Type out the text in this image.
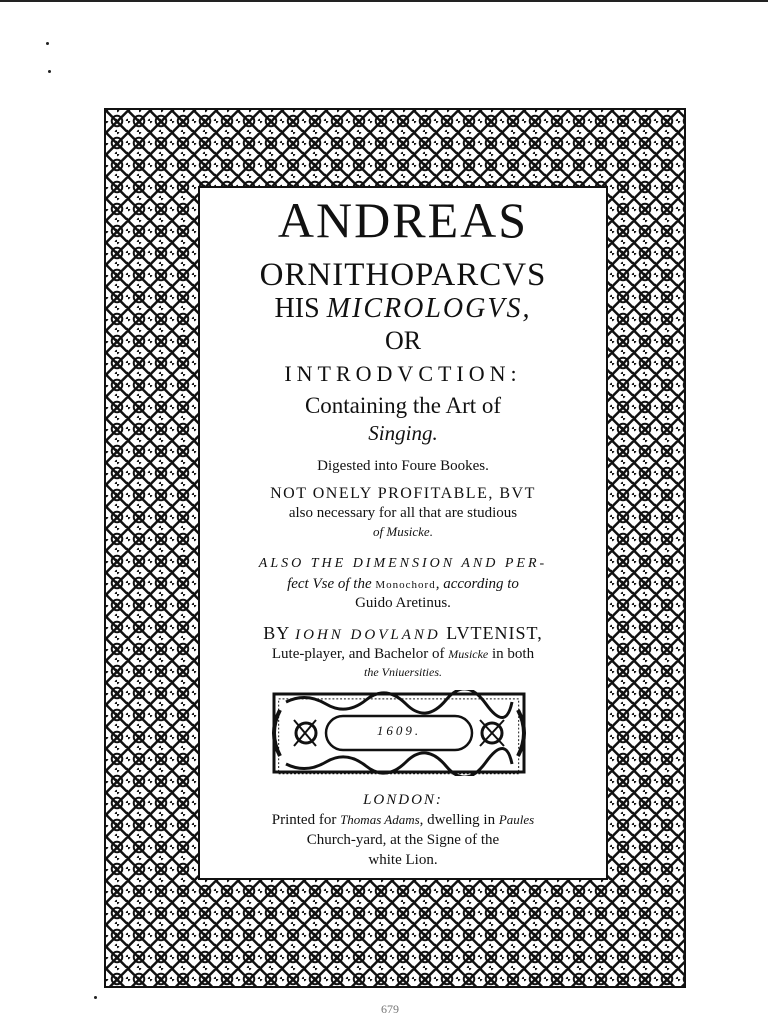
ANDREAS
ORNITHOPARCVS
HIS MICROLOGVS,
OR
INTRODVCTION:
Containing the Art of
Singing.
Digested into Foure Bookes.
NOT ONELY PROFITABLE, BVT
also necessary for all that are studious
of Musicke.
ALSO THE DIMENSION AND PER-
fect Vse of the Monochord, according to
Guido Aretinus.
BY IOHN DOVLAND LVTENIST,
Lute-player, and Bachelor of Musicke in both
the Vniuersities.
1609.
LONDON:
Printed for Thomas Adams, dwelling in Paules
Church-yard, at the Signe of the
white Lion.
679
